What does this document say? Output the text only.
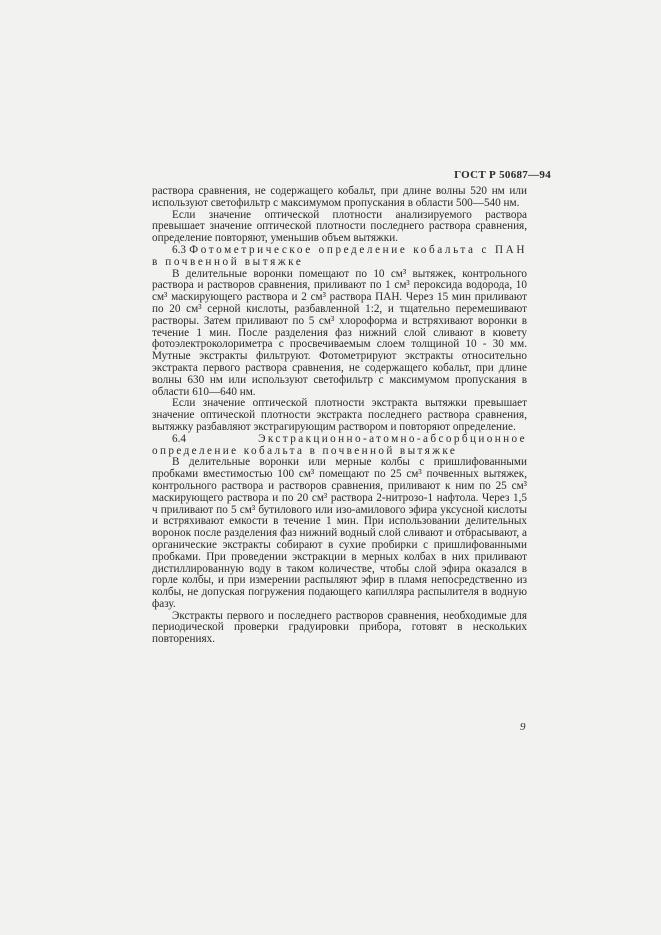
ГОСТ Р 50687—94

раствора сравнения, не содержащего кобальт, при длине волны 520 нм или используют светофильтр с максимумом пропускания в области 500—540 нм.

Если значение оптической плотности анализируемого раствора превышает значение оптической плотности последнего раствора сравнения, определение повторяют, уменьшив объем вытяжки.

6.3 Фотометрическое определение кобальта с ПАН в почвенной вытяжке

В делительные воронки помещают по 10 см³ вытяжек, контрольного раствора и растворов сравнения, приливают по 1 см³ пероксида водорода, 10 см³ маскирующего раствора и 2 см³ раствора ПАН. Через 15 мин приливают по 20 см³ серной кислоты, разбавленной 1:2, и тщательно перемешивают растворы. Затем приливают по 5 см³ хлороформа и встряхивают воронки в течение 1 мин. После разделения фаз нижний слой сливают в кювету фотоэлектроколориметра с просвечиваемым слоем толщиной 10 - 30 мм. Мутные экстракты фильтруют. Фотометрируют экстракты относительно экстракта первого раствора сравнения, не содержащего кобальт, при длине волны 630 нм или используют светофильтр с максимумом пропускания в области 610—640 нм.

Если значение оптической плотности экстракта вытяжки превышает значение оптической плотности экстракта последнего раствора сравнения, вытяжку разбавляют экстрагирующим раствором и повторяют определение.

6.4	Экстракционно-атомно-абсорбционное определение кобальта в почвенной вытяжке

В делительные воронки или мерные колбы с пришлифованными пробками вместимостью 100 см³ помещают по 25 см³ почвенных вытяжек, контрольного раствора и растворов сравнения, приливают к ним по 25 см³ маскирующего раствора и по 20 см³ раствора 2-нитрозо-1 нафтола. Через 1,5 ч приливают по 5 см³ бутилового или изо-амилового эфира уксусной кислоты и встряхивают емкости в течение 1 мин. При использовании делительных воронок после разделения фаз нижний водный слой сливают и отбрасывают, а органические экстракты собирают в сухие пробирки с пришлифованными пробками. При проведении экстракции в мерных колбах в них приливают дистиллированную воду в таком количестве, чтобы слой эфира оказался в горле колбы, и при измерении распыляют эфир в пламя непосредственно из колбы, не допуская погружения подающего капилляра распылителя в водную фазу.

Экстракты первого и последнего растворов сравнения, необходимые для периодической проверки градуировки прибора, готовят в нескольких повторениях.

9
